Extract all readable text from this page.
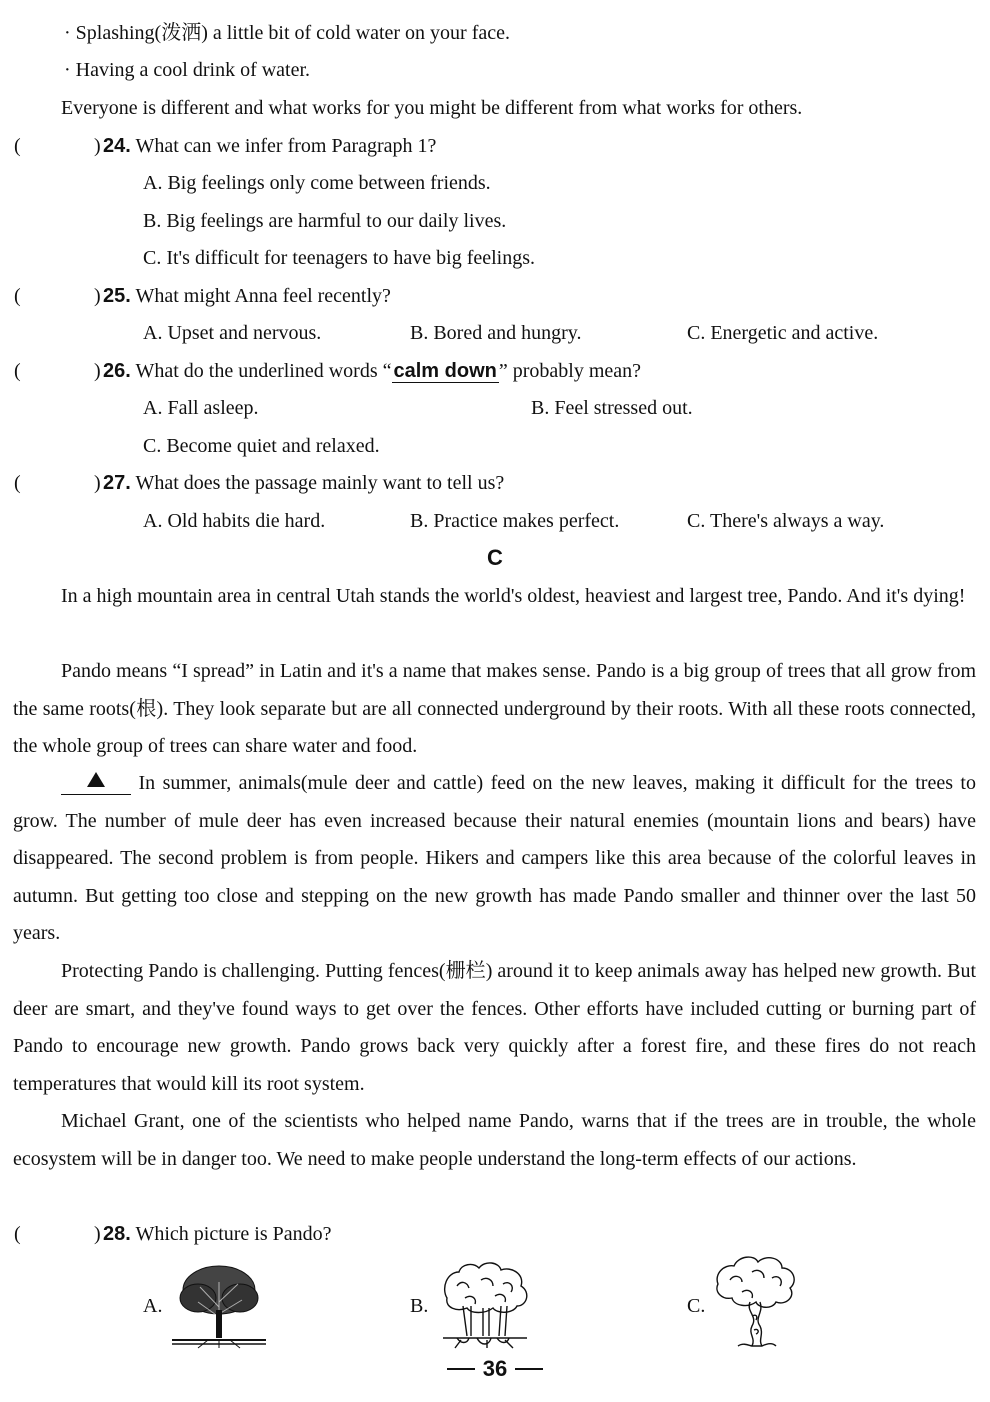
· Splashing(泼洒) a little bit of cold water on your face.
· Having a cool drink of water.
Everyone is different and what works for you might be different from what works for others.
(	) 24. What can we infer from Paragraph 1?
A. Big feelings only come between friends.
B. Big feelings are harmful to our daily lives.
C. It's difficult for teenagers to have big feelings.
(	) 25. What might Anna feel recently?
A. Upset and nervous.	B. Bored and hungry.	C. Energetic and active.
(	) 26. What do the underlined words “ calm down ” probably mean?
A. Fall asleep.	B. Feel stressed out.
C. Become quiet and relaxed.
(	) 27. What does the passage mainly want to tell us?
A. Old habits die hard.	B. Practice makes perfect.	C. There's always a way.
C

In a high mountain area in central Utah stands the world's oldest, heaviest and largest tree, Pando. And it's dying!

Pando means “I spread” in Latin and it's a name that makes sense. Pando is a big group of trees that all grow from the same roots(根). They look separate but are all connected underground by their roots. With all these roots connected, the whole group of trees can share water and food.

In summer, animals(mule deer and cattle) feed on the new leaves, making it difficult for the trees to grow. The number of mule deer has even increased because their natural enemies (mountain lions and bears) have disappeared. The second problem is from people. Hikers and campers like this area because of the colorful leaves in autumn. But getting too close and stepping on the new growth has made Pando smaller and thinner over the last 50 years.

Protecting Pando is challenging. Putting fences(栅栏) around it to keep animals away has helped new growth. But deer are smart, and they've found ways to get over the fences. Other efforts have included cutting or burning part of Pando to encourage new growth. Pando grows back very quickly after a forest fire, and these fires do not reach temperatures that would kill its root system.

Michael Grant, one of the scientists who helped name Pando, warns that if the trees are in trouble, the whole ecosystem will be in danger too. We need to make people understand the long-term effects of our actions.

(	) 28. Which picture is Pando?
A.	B.	C.
36
